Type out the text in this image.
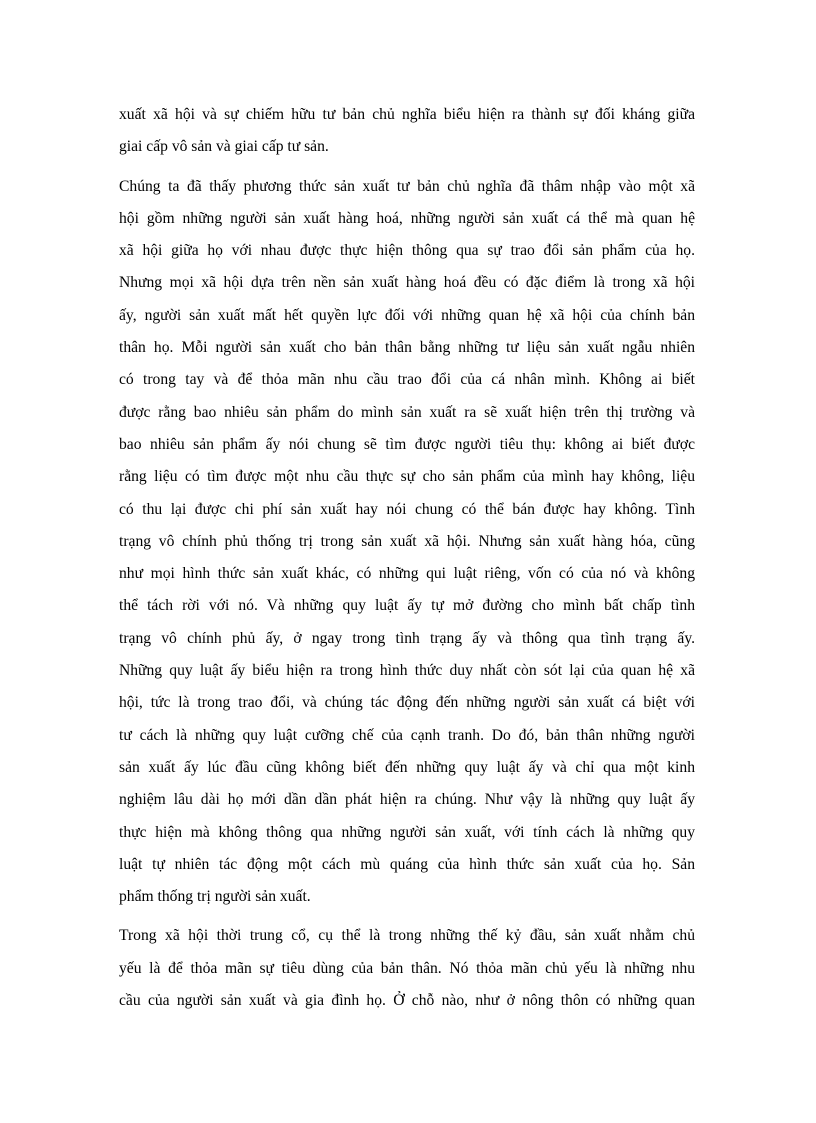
xuất xã hội và sự chiếm hữu tư bản chủ nghĩa biểu hiện ra thành sự đối kháng giữa
giai cấp vô sản và giai cấp tư sản.
Chúng ta đã thấy phương thức sản xuất tư bản chủ nghĩa đã thâm nhập vào một xã
hội gồm những người sản xuất hàng hoá, những người sản xuất cá thể mà quan hệ
xã hội giữa họ với nhau được thực hiện thông qua sự trao đổi sản phẩm của họ.
Nhưng mọi xã hội dựa trên nền sản xuất hàng hoá đều có đặc điểm là trong xã hội
ấy, người sản xuất mất hết quyền lực đối với những quan hệ xã hội của chính bản
thân họ. Mỗi người sản xuất cho bản thân bằng những tư liệu sản xuất ngẫu nhiên
có trong tay và để thỏa mãn nhu cầu trao đổi của cá nhân mình. Không ai biết
được rằng bao nhiêu sản phẩm do mình sản xuất ra sẽ xuất hiện trên thị trường và
bao nhiêu sản phẩm ấy nói chung sẽ tìm được người tiêu thụ: không ai biết được
rằng liệu có tìm được một nhu cầu thực sự cho sản phẩm của mình hay không, liệu
có thu lại được chi phí sản xuất hay nói chung có thể bán được hay không. Tình
trạng vô chính phủ thống trị trong sản xuất xã hội. Nhưng sản xuất hàng hóa, cũng
như mọi hình thức sản xuất khác, có những qui luật riêng, vốn có của nó và không
thể tách rời với nó. Và những quy luật ấy tự mở đường cho mình bất chấp tình
trạng vô chính phủ ấy, ở ngay trong tình trạng ấy và thông qua tình trạng ấy.
Những quy luật ấy biểu hiện ra trong hình thức duy nhất còn sót lại của quan hệ xã
hội, tức là trong trao đổi, và chúng tác động đến những người sản xuất cá biệt với
tư cách là những quy luật cưỡng chế của cạnh tranh. Do đó, bản thân những người
sản xuất ấy lúc đầu cũng không biết đến những quy luật ấy và chỉ qua một kinh
nghiệm lâu dài họ mới dần dần phát hiện ra chúng. Như vậy là những quy luật ấy
thực hiện mà không thông qua những người sản xuất, với tính cách là những quy
luật tự nhiên tác động một cách mù quáng của hình thức sản xuất của họ. Sản
phẩm thống trị người sản xuất.
Trong xã hội thời trung cổ, cụ thể là trong những thế kỷ đầu, sản xuất nhằm chủ
yếu là để thỏa mãn sự tiêu dùng của bản thân. Nó thỏa mãn chủ yếu là những nhu
cầu của người sản xuất và gia đình họ. Ở chỗ nào, như ở nông thôn có những quan
